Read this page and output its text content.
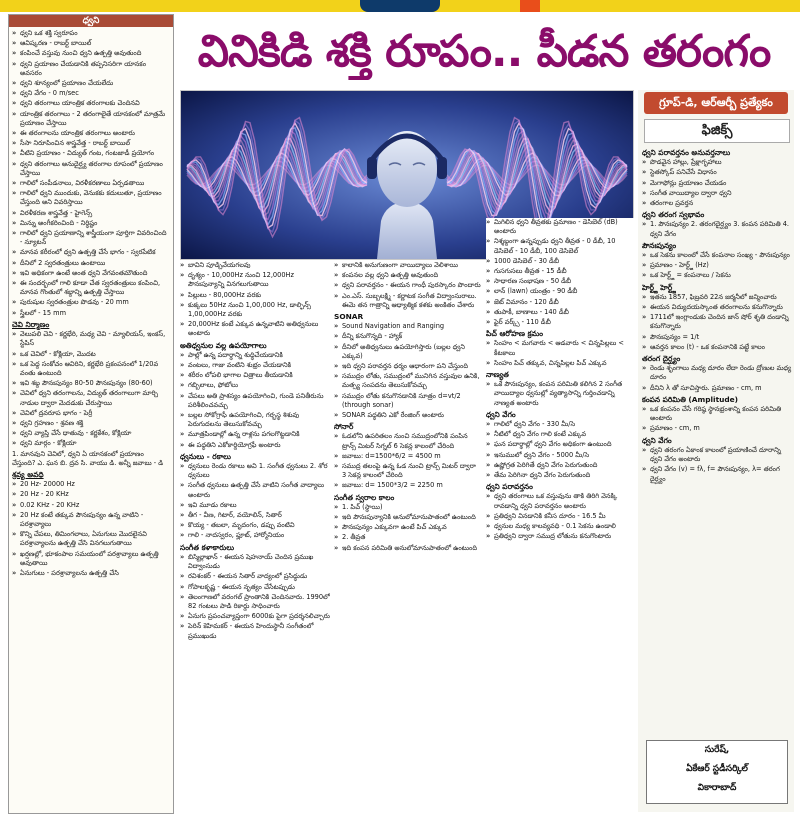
వినికిడి శక్తి రూపం.. పీడన తరంగం
ధ్వని
» ధ్వని ఒక శక్తి స్వరూపం
» ఆవిష్కరణ - రాబర్ట్ బాయిల్
» కంపించే వస్తువు నుంచి ధ్వని ఉత్పత్తి అవుతుంది
» ధ్వని ప్రయాణం చేయడానికి తప్పనిసరిగా యానకం అవసరం
» ధ్వని శూన్యంలో ప్రయాణం చేయలేదు
» ధ్వని వేగం - 0 m/sec
» ధ్వని తరంగాలు యాంత్రిక తరంగాలకు చెందినవి
» యాంత్రిక తరంగాలు - 2 తరంగాలైతే యానకంలో మాత్రమే ప్రయాణం చేస్తాయి
» ఈ తరంగాలను యాంత్రిక తరంగాలు అంటారు
» సీసా నిరూపించిన శాస్త్రవేత్త - రాబర్ట్ బాయిల్
» వీటిని ప్రయాణం - విద్యుత్ గంట, గంటజాడీ ప్రయోగం
» ధ్వని తరంగాలు అనుదైర్ఘ్య తరంగాల రూపంలో ప్రయాణం చేస్తాయి
» గాలిలో సంపీడనాలు, విరళీకరణాలు ఏర్పడతాయి
» గాలిలో ధ్వని ముందుకు, వెనుకకు కదులుతూ, ప్రయాణం చేస్తుంది అని వివరిస్తాయి
» విరళీకరణ శాస్త్రవేత్త - హైగెన్స్
» మిన్ను అంగీకరించింది - నిర్ధిష్టం
» గాలిలో ధ్వని ప్రయాణాన్ని శాస్త్రీయంగా పూర్తిగా వివరించింది - న్యూటన్
» మానవ కరీరంలో ధ్వని ఉత్పత్తి చేసే భాగం - స్వరపేటిక
» దీనిలో 2 స్వరతంత్రులు ఉంటాయి
» ఇవి అధికంగా ఉంటే అంత ధ్వని వేగవంతమౌతుంది
» ఈ సందర్భంలో గాలి కూడా చేత స్వరతంత్రులు కంపించి, మానవ గొంతులో శబ్దాన్ని ఉత్పత్తి చేస్తాయి
» పురుషుల స్వరతంత్రుల పొడవు - 20 mm
» స్త్రీలలో - 15 mm
చెవి నిర్మాణం
» వెలుపలి చెవి - కర్ణభేరి, మధ్య చెవి - మ్యాలియస్, ఇంకస్, స్టేపిస్
» ఒక చెవిలో - కోక్లియా, మొదట
» ఒక పెద్ద సంకోచం ఆవిరిని, కర్ణభేరి ప్రకంపనంలో 1/20వ వంతు ఉంటుంది
» ఇవి శబ్ద పౌనఃపున్యం 80-50 పౌనఃపున్యం (80-60)
» చెవిలో ధ్వని తరంగాలను, విద్యుత్ తరంగాలుగా మార్చి నాడుల ద్వారా మెదడుకు చేరుస్తాయి
» చెవిలో ద్రవరూప భాగం - పెర్రీ
» ధ్వని గ్రహణం - శ్రవణ శక్తి
» ధ్వని వ్యాప్తి చేసే ధాతువు - కర్ణకేశం, కోక్లియా
» ధ్వని మార్గం - కోక్లియా

1. మానవుని చెవిలో, ధ్వని ఏ యానకంలో ప్రయాణం చేస్తుంది? ఎ. ఘన బి. ద్రవ సి. వాయు డి. అన్నీ జవాబు - డి

శ్రవ్య అవధి
» 20 Hz- 20000 Hz
» 20 Hz - 20 KHz
» 0.02 KHz - 20 KHz
» 20 Hz కంటే తక్కువ పౌనఃపున్యం ఉన్న వాటిని - పరశ్రావ్యాలు
» కొన్ని చేపలు, తిమింగలాలు, ఏనుగులు మొదలైనవి పరశ్రావ్యాలను ఉత్పత్తి చేసి వినగలుగుతాయి
» ఖర్షణల్లో, భూకంపాల సమయంలో పరశ్రావ్యాలు ఉత్పత్తి అవుతాయి
» ఏనుగులు - పరశ్రావ్యాలను ఉత్పత్తి చేసి
» బావిని పూడ్చివేయగలవు
» దృశ్యం - 10,000Hz నుంచి 12,000Hz పౌనఃపున్యాన్ని వినగలుగుతాయి
» పిల్లులు - 80,000Hz వరకు
» కుక్కలు 50Hz నుంచి 1,00,000 Hz, డాల్ఫిన్స్ 1,00,000Hz వరకు
» 20,000Hz కంటే ఎక్కువ ఉన్నవాటిని అతిధ్వనులు అంటారు
అతిధ్వనుల వల్ల ఉపయోగాలు
» పాల్లో ఉన్న పదార్థాన్ని శుద్ధిచేయడానికి
» వంటలు, గాజు వంటిని శుభ్రం చేయడానికి
» శరీరం లోపలి భాగాల చిత్రాలు తీయడానికి
» గబ్బిలాలు, ఫోటోలు
» చేపలు అతి ప్రాశస్యం ఉపయోగించి, గుండె పనితీరును పరిశీలించవచ్చు
» బల్లల సోకోగ్రాఫీ ఉపయోగించి, గర్భస్థ శిశువు పెరుగుదలను తెలుసుకోవచ్చు
» మూత్రపిండాల్లో ఉన్న రాళ్లను పగలగొట్టడానికి
» ఈ పద్ధతిని ఎకోకార్డియోగ్రఫీ అంటారు
ధ్వనులు - రకాలు
» ధ్వనులు రెండు రకాలు అవి 1. సంగీత ధ్వనులు 2. శోర ధ్వనులు
» సంగీత ధ్వనులు ఉత్పత్తి చేసే వాటిని సంగీత వాద్యాలు అంటారు
» ఇవి మూడు రకాలు
» తీగ - వీణ, గిటార్, వయోలిన్, సితార్
» కొయ్య - తబలా, మృదంగం, డప్పు వంటివి
» గాలి - నాదస్వరం, ఫ్లూట్, హార్మోనియం
సంగీత కళాకారులు
» బిస్మిల్లాఖాన్ - ఈయన షెహనాయ్ చెందిన ప్రముఖ విద్వాంసుడు
» రవిశంకర్ - ఈయన సితార్ వాద్యంలో ప్రసిద్ధుడు
» గోపాలకృష్ణ - ఈయన నృత్యం చేసేటప్పుడు
» తెలంగాణలో వరంగల్ ప్రాంతానికి చెందినవారు. 1990లో 82 గంటలు పాడి రికార్డు సాధించారు
» ఏనుగు ప్రపంచవ్యాప్తంగా 6000కు పైగా ప్రదర్శనలిచ్చారు
» పెరిన్ కెహిమకర్ - ఈయన హిందుస్థానీ సంగీతంలో ప్రముఖుడు
» కాలానికి అనుగుణంగా వాయిద్యాలు వెలిశాయి
» కంపనల వల్ల ధ్వని ఉత్పత్తి అవుతుంది
» ధ్వని పరావర్తనం - ఈయన గాంధీ పురస్కారం పొందారు
» ఎం.ఎస్. సుబ్బలక్ష్మి - కర్ణాటక సంగీత విద్వాంసురాలు. ఈమె తన గాత్రాన్ని ఆధ్యాత్మిక కళకు అంకితం చేశారు
SONAR
» Sound Navigation and Ranging
» దీన్ని కనుగొన్నది - హ్యాక్
» దీనిలో అతిధ్వనులు ఉపయోగిస్తారు (బల్లల ధ్వని ఎక్కువ)
» ఇది ధ్వని పరావర్తన ధర్మం ఆధారంగా పని చేస్తుంది
» సముద్రం లోతు, సముద్రంలో మునిగిన వస్తువుల ఉనికి, మత్స్య సంపదను తెలుసుకోవచ్చు
» సముద్రం లోతు కనుగొనడానికి సూత్రం d=vt/2 (through sonar)
» SONAR పద్ధతిని ఎకో రేంజింగ్ అంటారు
సోనార్
» ఓడలోని ఉపరితలం నుంచి సముద్రంలోనికి పంపిన ట్రాన్స్ మిటర్ సిగ్నల్ 6 సెకన్ల కాలంలో చేరింది
» జవాబు: d=1500*6/2 = 4500 m
» సముద్ర తలంపై ఉన్న ఓడ నుంచి ట్రాన్స్ మిటర్ ద్వారా 3 సెకన్ల కాలంలో చేరింది
» జవాబు: d= 1500*3/2 = 2250 m
సంగీత స్వరాల కాలం
» 1. పిచ్ (స్థాయి)
» ఇది పౌనఃపున్యానికి అనులోమానుపాతంలో ఉంటుంది
» పౌనఃపున్యం ఎక్కువగా ఉంటే పిచ్ ఎక్కువ
» 2. తీవ్రత
» ఇది కంపన పరిమితి అనులోమానుపాతంలో ఉంటుంది
» మిగిలిన ధ్వని తీవ్రతకు ప్రమాణం - డెసిబెల్ (dB) అంటారు
» నిశ్శబ్దంగా ఉన్నప్పుడు ధ్వని తీవ్రత - 0 డీబీ, 10 డెసిబెల్ - 10 డీబీ, 100 డెసిబెల్
» 1000 డెసిబెల్ - 30 డీబీ
» గుసగుసలు తీవ్రత - 15 డీబీ
» సాధారణ సంభాషణ - 50 డీబీ
» లాన్ (lawn) యంత్రం - 90 డీబీ
» జెట్ విమానం - 120 డీబీ
» తుపాకీ, బాణాలు - 140 డీబీ
» ఫైర్ వర్క్స్ - 110 డీబీ
పిచ్ ఆరోహణ క్రమం
» సింహం < మగవారు < ఆడవారు < చిన్నపిల్లలు < కీటకాలు
» సింహం పిచ్ తక్కువ, చిన్నపిల్లల పిచ్ ఎక్కువ
నాణ్యత
» ఒకే పౌనఃపున్యం, కంపన పరిమితి కలిగిన 2 సంగీత వాయిద్యాల ధ్వనుల్లో వ్యత్యాసాన్ని గుర్తించడాన్ని నాణ్యత అంటారు
ధ్వని వేగం
» గాలిలో ధ్వని వేగం - 330 మీ/సె
» నీటిలో ధ్వని వేగం గాలి కంటే ఎక్కువ
» ఘన పదార్థాల్లో ధ్వని వేగం అధికంగా ఉంటుంది
» ఇనుములో ధ్వని వేగం - 5000 మీ/సె
» ఉష్ణోగ్రత పెరిగితే ధ్వని వేగం పెరుగుతుంది
» తేమ పెరిగినా ధ్వని వేగం పెరుగుతుంది
ధ్వని పరావర్తనం
» ధ్వని తరంగాలు ఒక వస్తువును తాకి తిరిగి వెనక్కి రావడాన్ని ధ్వని పరావర్తనం అంటారు
» ప్రతిధ్వని వినడానికి కనీస దూరం - 16.5 మీ
» ధ్వనుల మధ్య కాలవ్యవధి - 0.1 సెకను ఉండాలి
» ప్రతిధ్వని ద్వారా సముద్ర లోతును కనుగొంటారు
గ్రూప్-డి, ఆర్ఆర్బీ ప్రత్యేకం
ఫిజిక్స్
ధ్వని పరావర్తనం అనువర్తనాలు
» పొడవైన హాల్లు, ప్రేక్షాగృహాలు
» స్టెతస్కోప్ పనిచేసే విధానం
» మెగాఫోన్లు ప్రయాణం చేయడం
» సంగీత వాయిద్యాల ద్వారా ధ్వని
» తరంగాల ప్రవర్తన
ధ్వని తరంగ స్వభావం
» 1. పౌనఃపున్యం 2. తరంగదైర్ఘ్యం 3. కంపన పరిమితి 4. ధ్వని వేగం
పౌనఃపున్యం
» ఒక సెకను కాలంలో చేసే కంపనాల సంఖ్య - పౌనఃపున్యం
» ప్రమాణం - హెర్ట్జ్ (Hz)
» ఒక హెర్ట్జ్ = కంపనాలు / సెకను
హెర్ట్జ్ హెర్ట్జ్
» ఇతను 1857, ఫిబ్రవరి 22న జర్మనీలో జన్మించారు
» ఈయన విద్యుదయస్కాంత తరంగాలను కనుగొన్నారు
» 1711లో ఇంగ్లాండుకు చెందిన జాన్ షోర్ శృతి దండాన్ని కనుగొన్నారు
» పౌనఃపున్యం = 1/t
» ఆవర్తన కాలం (t) - ఒక కంపనానికి పట్టే కాలం
తరంగ దైర్ఘ్యం
» రెండు శృంగాలు మధ్య దూరం లేదా రెండు ద్రోణుల మధ్య దూరం
» దీనిని λ తో సూచిస్తారు. ప్రమాణం - cm, m
కంపన పరిమితి (Amplitude)
» ఒక కంపనం చేసే గరిష్ఠ స్థానభ్రంశాన్ని కంపన పరిమితి అంటారు
» ప్రమాణం - cm, m
ధ్వని వేగం
» ధ్వని తరంగం ఏకాంక కాలంలో ప్రయాణించే దూరాన్ని ధ్వని వేగం అంటారు
» ధ్వని వేగం (v) = fλ, f= పౌనఃపున్యం, λ= తరంగ దైర్ఘ్యం
సురేష్,
ఏకేఆర్ స్టడీసర్కిల్
వికారాబాద్
